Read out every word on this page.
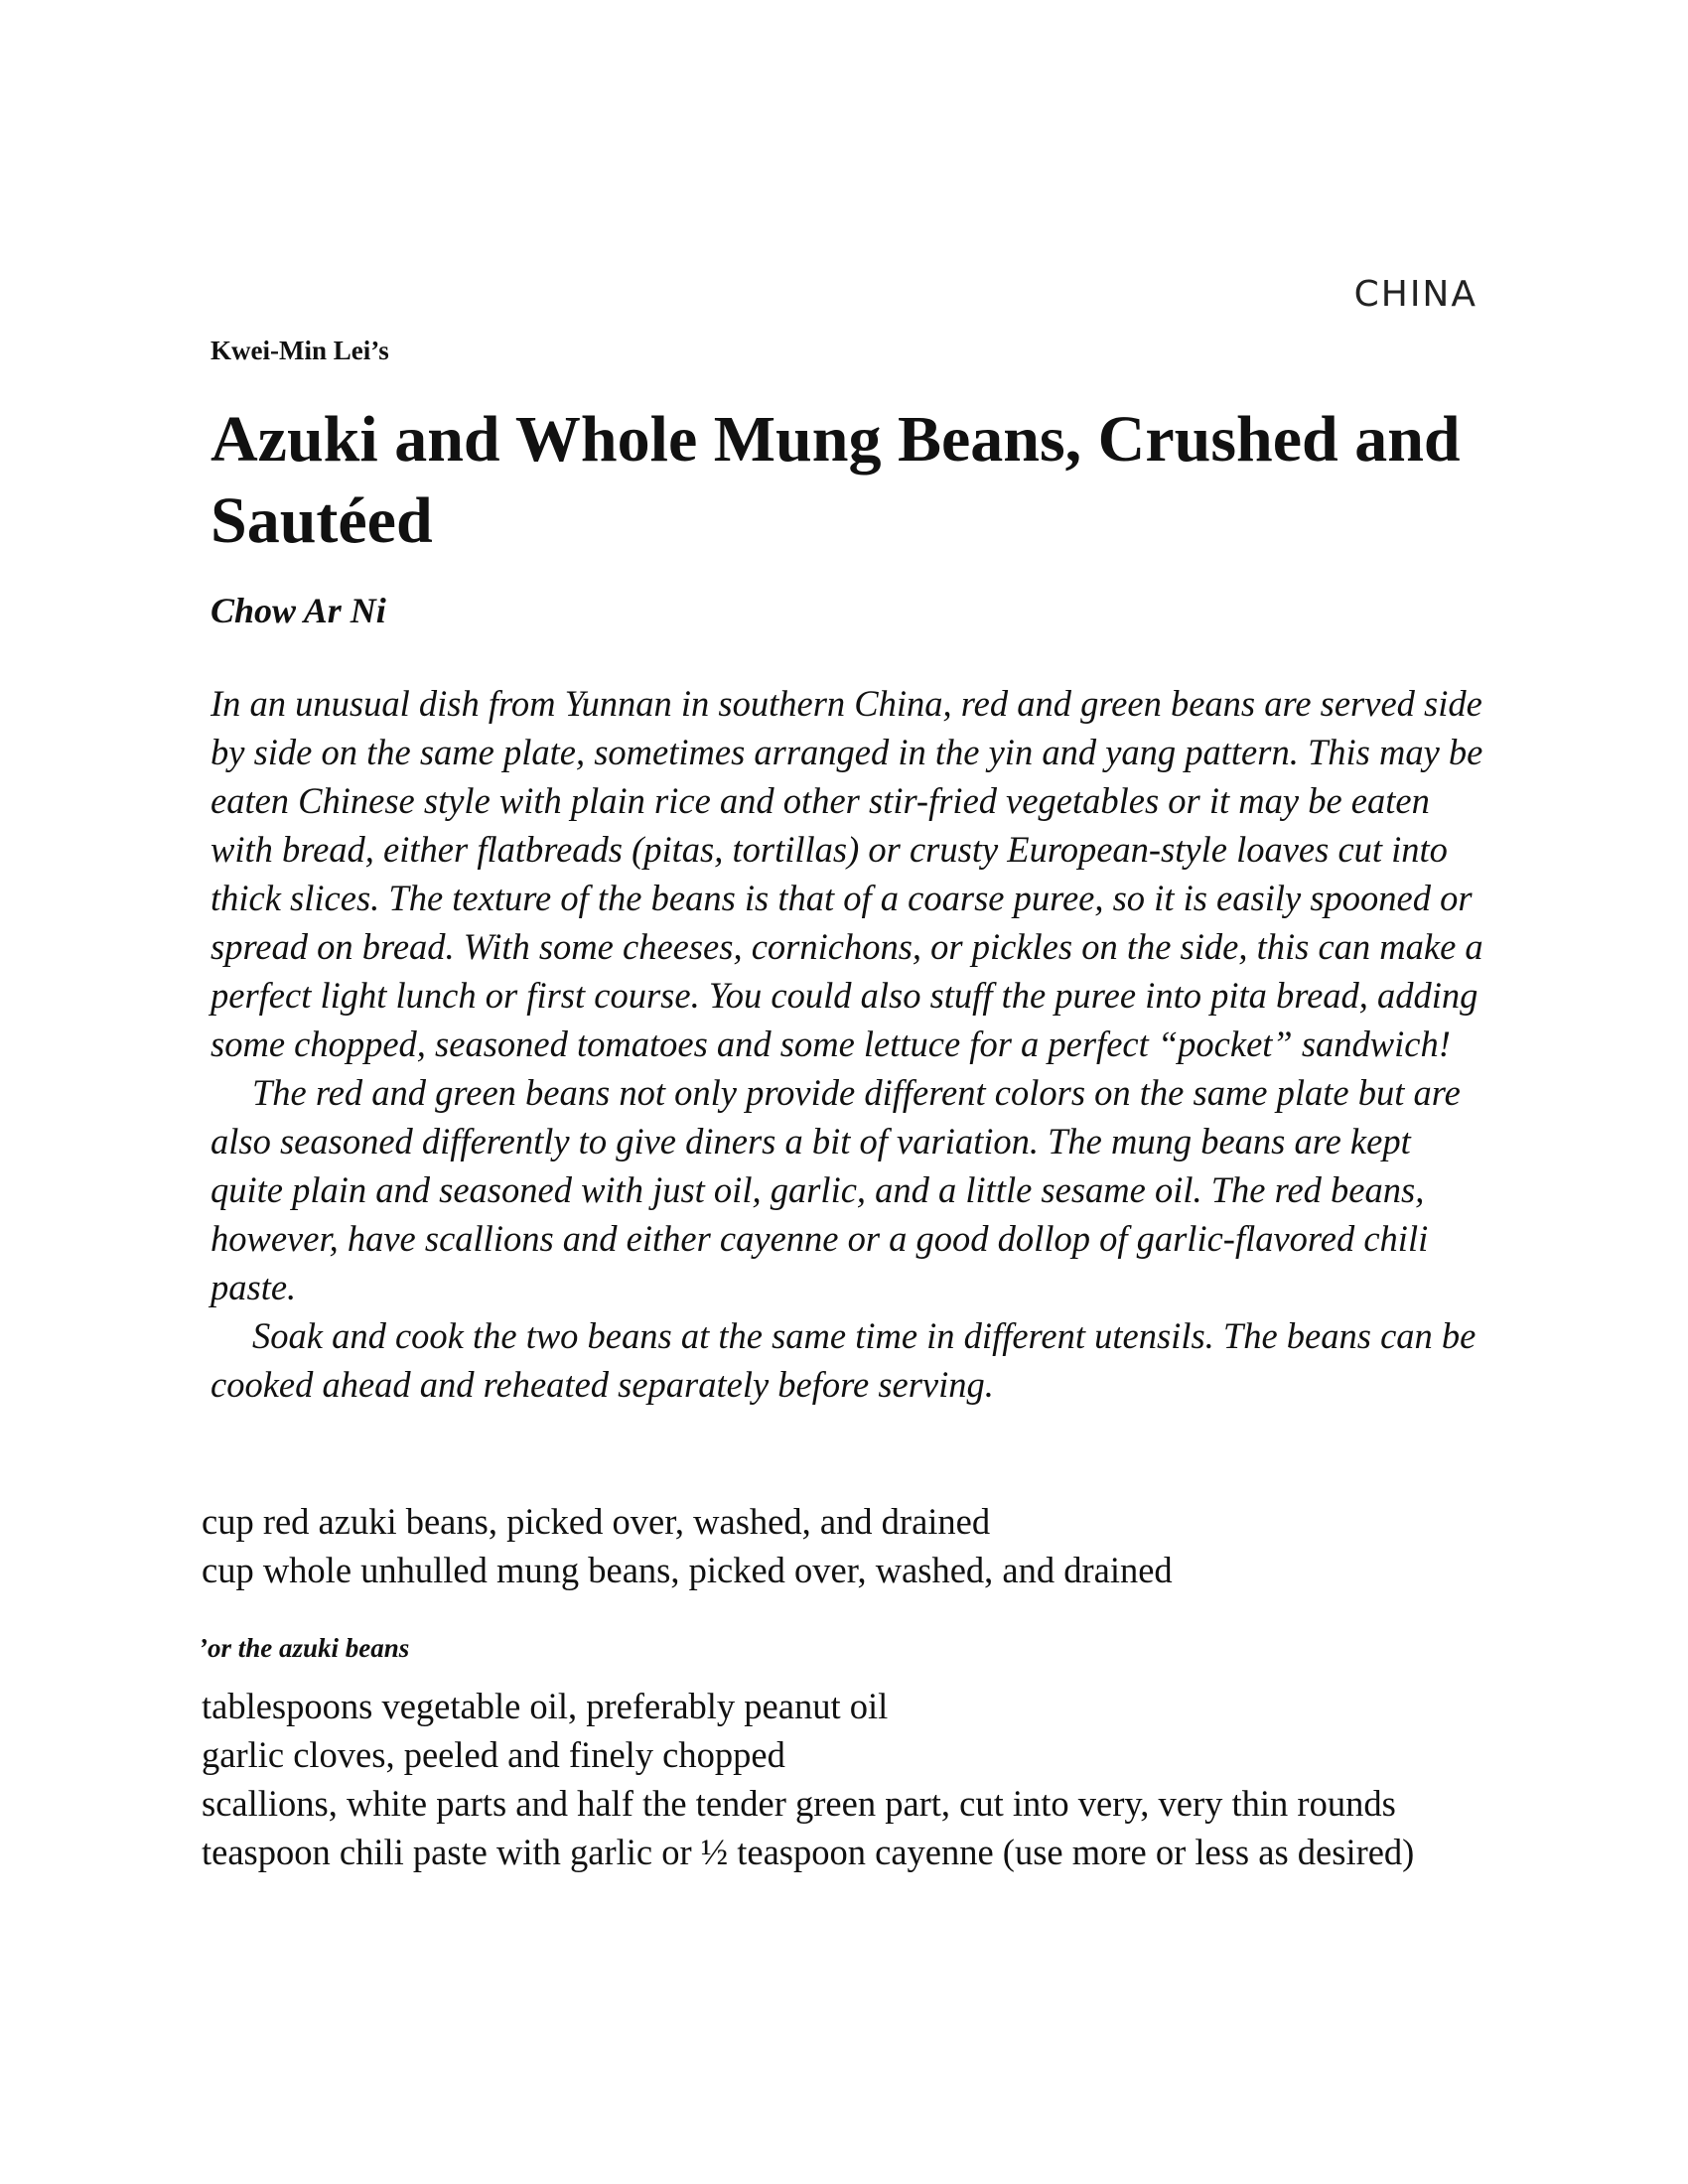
CHINA
Kwei-Min Lei’s
Azuki and Whole Mung Beans, Crushed and Sautéed
Chow Ar Ni

In an unusual dish from Yunnan in southern China, red and green beans are served side by side on the same plate, sometimes arranged in the yin and yang pattern. This may be eaten Chinese style with plain rice and other stir-fried vegetables or it may be eaten with bread, either flatbreads (pitas, tortillas) or crusty European-style loaves cut into thick slices. The texture of the beans is that of a coarse puree, so it is easily spooned or spread on bread. With some cheeses, cornichons, or pickles on the side, this can make a perfect light lunch or first course. You could also stuff the puree into pita bread, adding some chopped, seasoned tomatoes and some lettuce for a perfect “pocket” sandwich!

The red and green beans not only provide different colors on the same plate but are also seasoned differently to give diners a bit of variation. The mung beans are kept quite plain and seasoned with just oil, garlic, and a little sesame oil. The red beans, however, have scallions and either cayenne or a good dollop of garlic-flavored chili paste.

Soak and cook the two beans at the same time in different utensils. The beans can be cooked ahead and reheated separately before serving.

cup red azuki beans, picked over, washed, and drained
cup whole unhulled mung beans, picked over, washed, and drained
’or the azuki beans
tablespoons vegetable oil, preferably peanut oil
garlic cloves, peeled and finely chopped
scallions, white parts and half the tender green part, cut into very, very thin rounds
teaspoon chili paste with garlic or ½ teaspoon cayenne (use more or less as desired)
